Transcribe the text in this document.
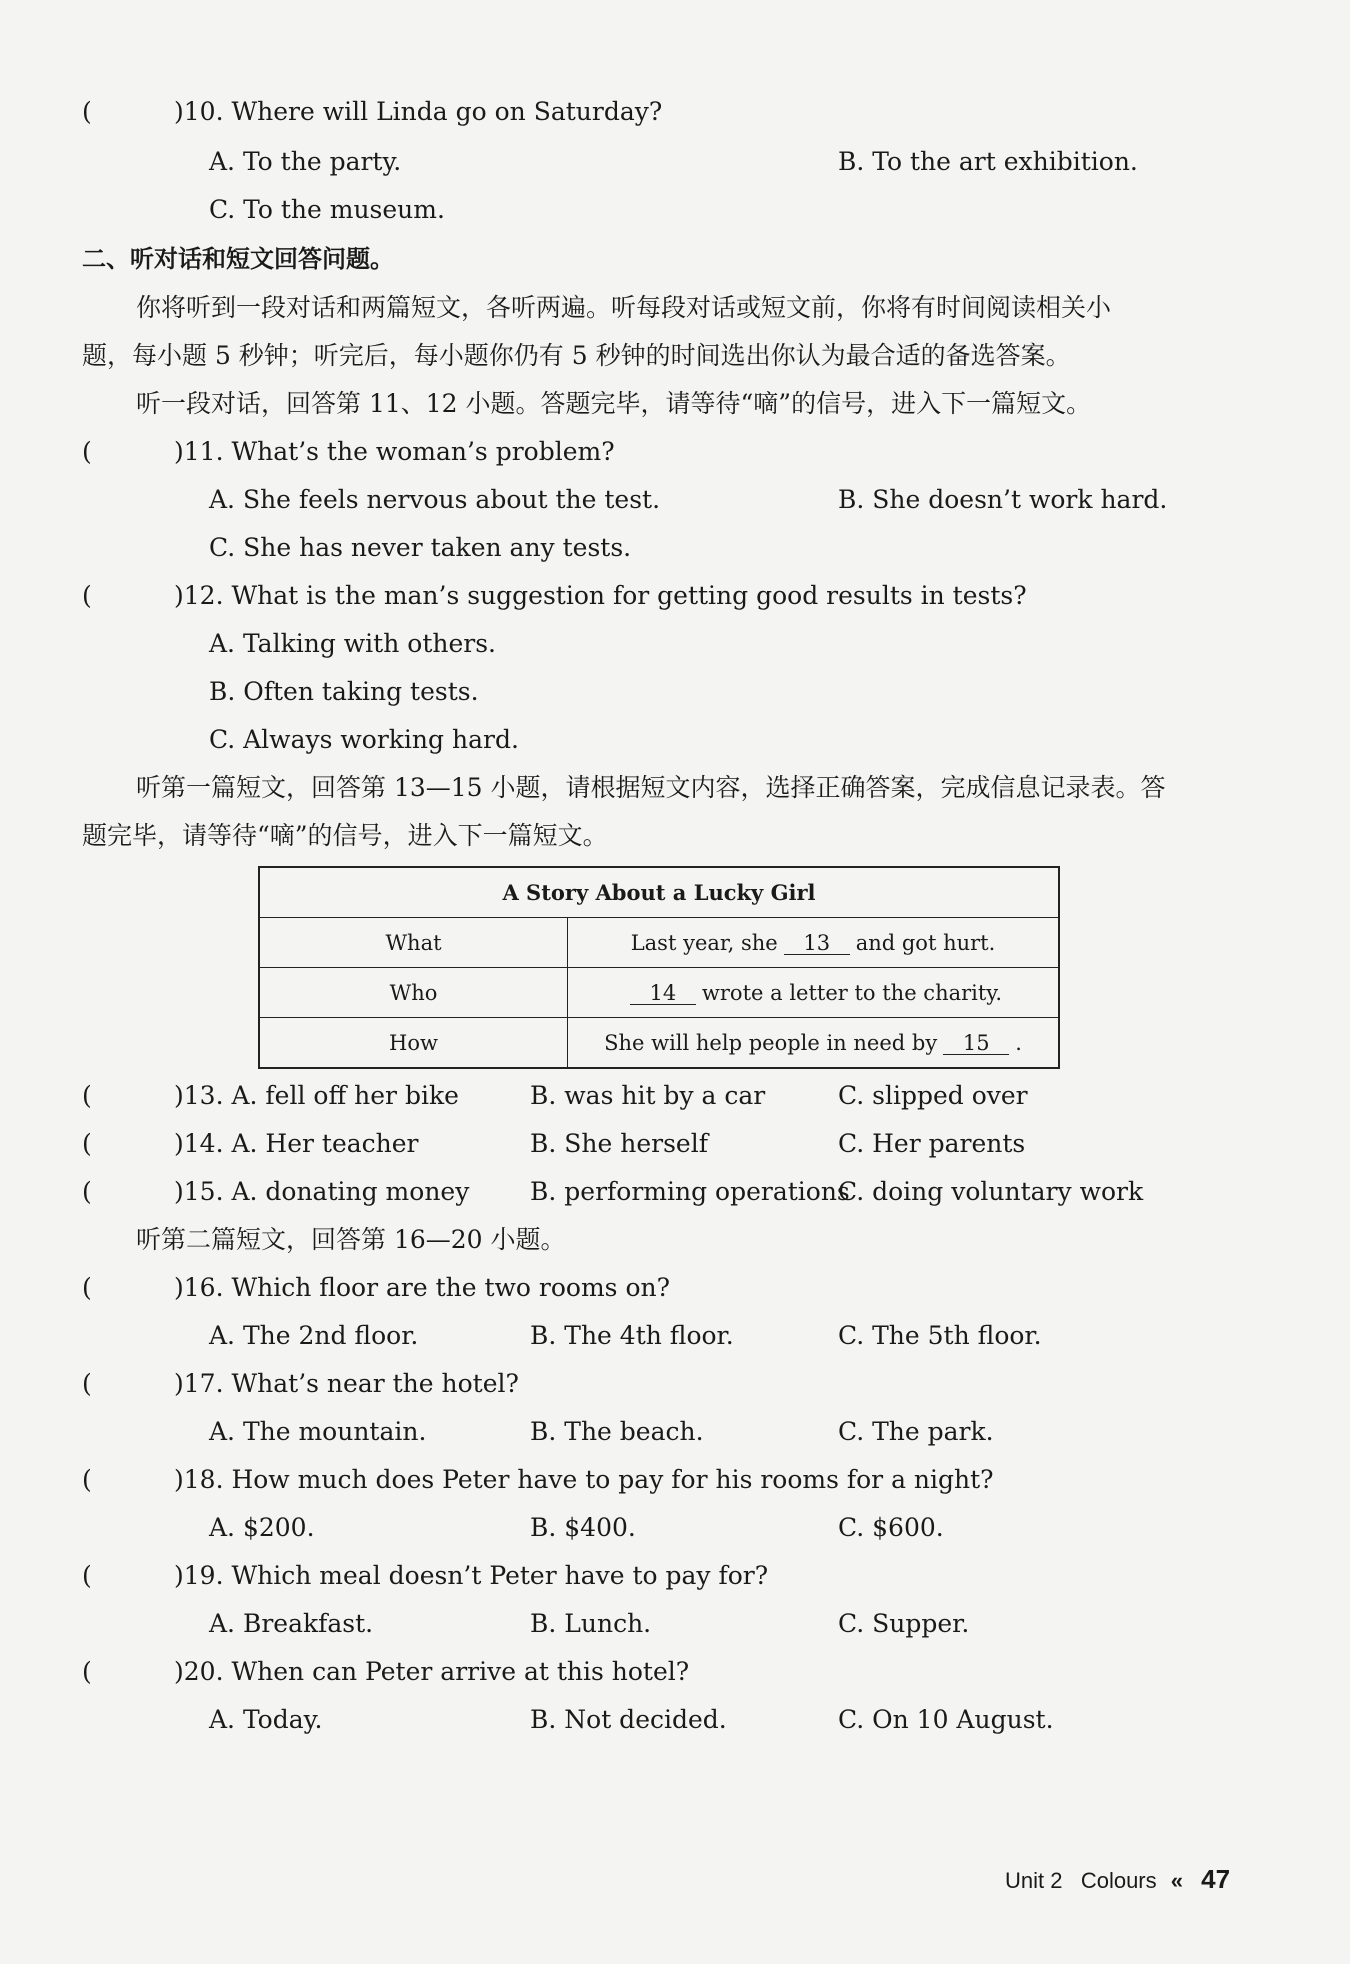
(	)10. Where will Linda go on Saturday?
A. To the party.	B. To the art exhibition.
C. To the museum.
二、听对话和短文回答问题。
你将听到一段对话和两篇短文，各听两遍。听每段对话或短文前，你将有时间阅读相关小
题，每小题 5 秒钟；听完后，每小题你仍有 5 秒钟的时间选出你认为最合适的备选答案。
听一段对话，回答第 11、12 小题。答题完毕，请等待“嘀”的信号，进入下一篇短文。
(	)11. What’s the woman’s problem?
A. She feels nervous about the test.	B. She doesn’t work hard.
C. She has never taken any tests.
(	)12. What is the man’s suggestion for getting good results in tests?
A. Talking with others.
B. Often taking tests.
C. Always working hard.
听第一篇短文，回答第 13—15 小题，请根据短文内容，选择正确答案，完成信息记录表。答
题完毕，请等待“嘀”的信号，进入下一篇短文。
A Story About a Lucky Girl	
What	Last year, she 13 and got hurt.
Who	14 wrote a letter to the charity.
How	She will help people in need by 15 .
(	)13. A. fell off her bike	B. was hit by a car	C. slipped over
(	)14. A. Her teacher	B. She herself	C. Her parents
(	)15. A. donating money B. performing operations
C. doing voluntary work
听第二篇短文，回答第 16—20 小题。
(	)16. Which floor are the two rooms on?
A. The 2nd floor.	B. The 4th floor.	C. The 5th floor.
(	)17. What’s near the hotel?
A. The mountain.	B. The beach.	C. The park.
(	)18. How much does Peter have to pay for his rooms for a night?
A. $200.	B. $400.	C. $600.
(	)19. Which meal doesn’t Peter have to pay for?
A. Breakfast.	B. Lunch.	C. Supper.
(	)20. When can Peter arrive at this hotel?
A. Today.	B. Not decided.	C. On 10 August.
Unit 2 Colours « 47
